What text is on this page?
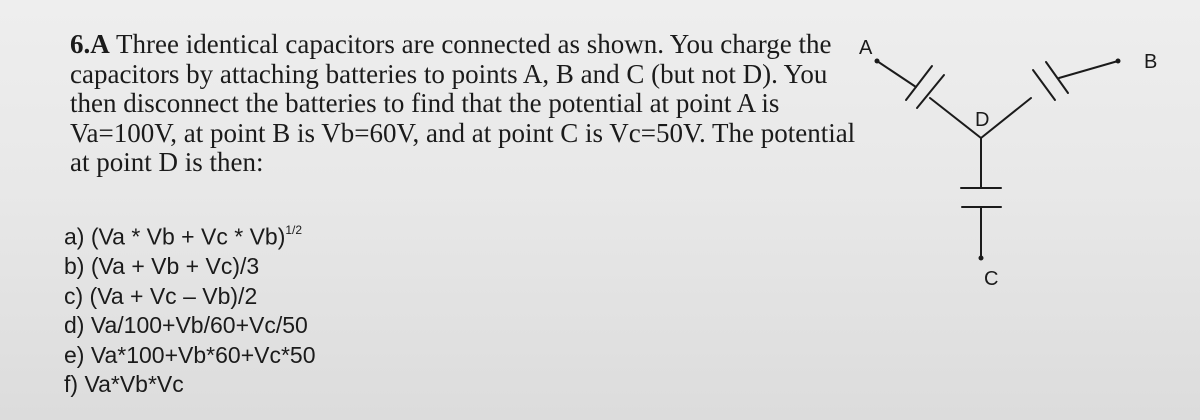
6.A Three identical capacitors are connected as shown. You charge the capacitors by attaching batteries to points A, B and C (but not D). You then disconnect the batteries to find that the potential at point A is Va=100V, at point B is Vb=60V, and at point C is Vc=50V. The potential at point D is then:
a) $(Va * Vb + Vc * Vb)^{1/2}$
b) (Va + Vb + Vc)/3
c) (Va + Vc – Vb)/2
d) Va/100+Vb/60+Vc/50
e) Va*100+Vb*60+Vc*50
f) Va*Vb*Vc
A
B
C
D
